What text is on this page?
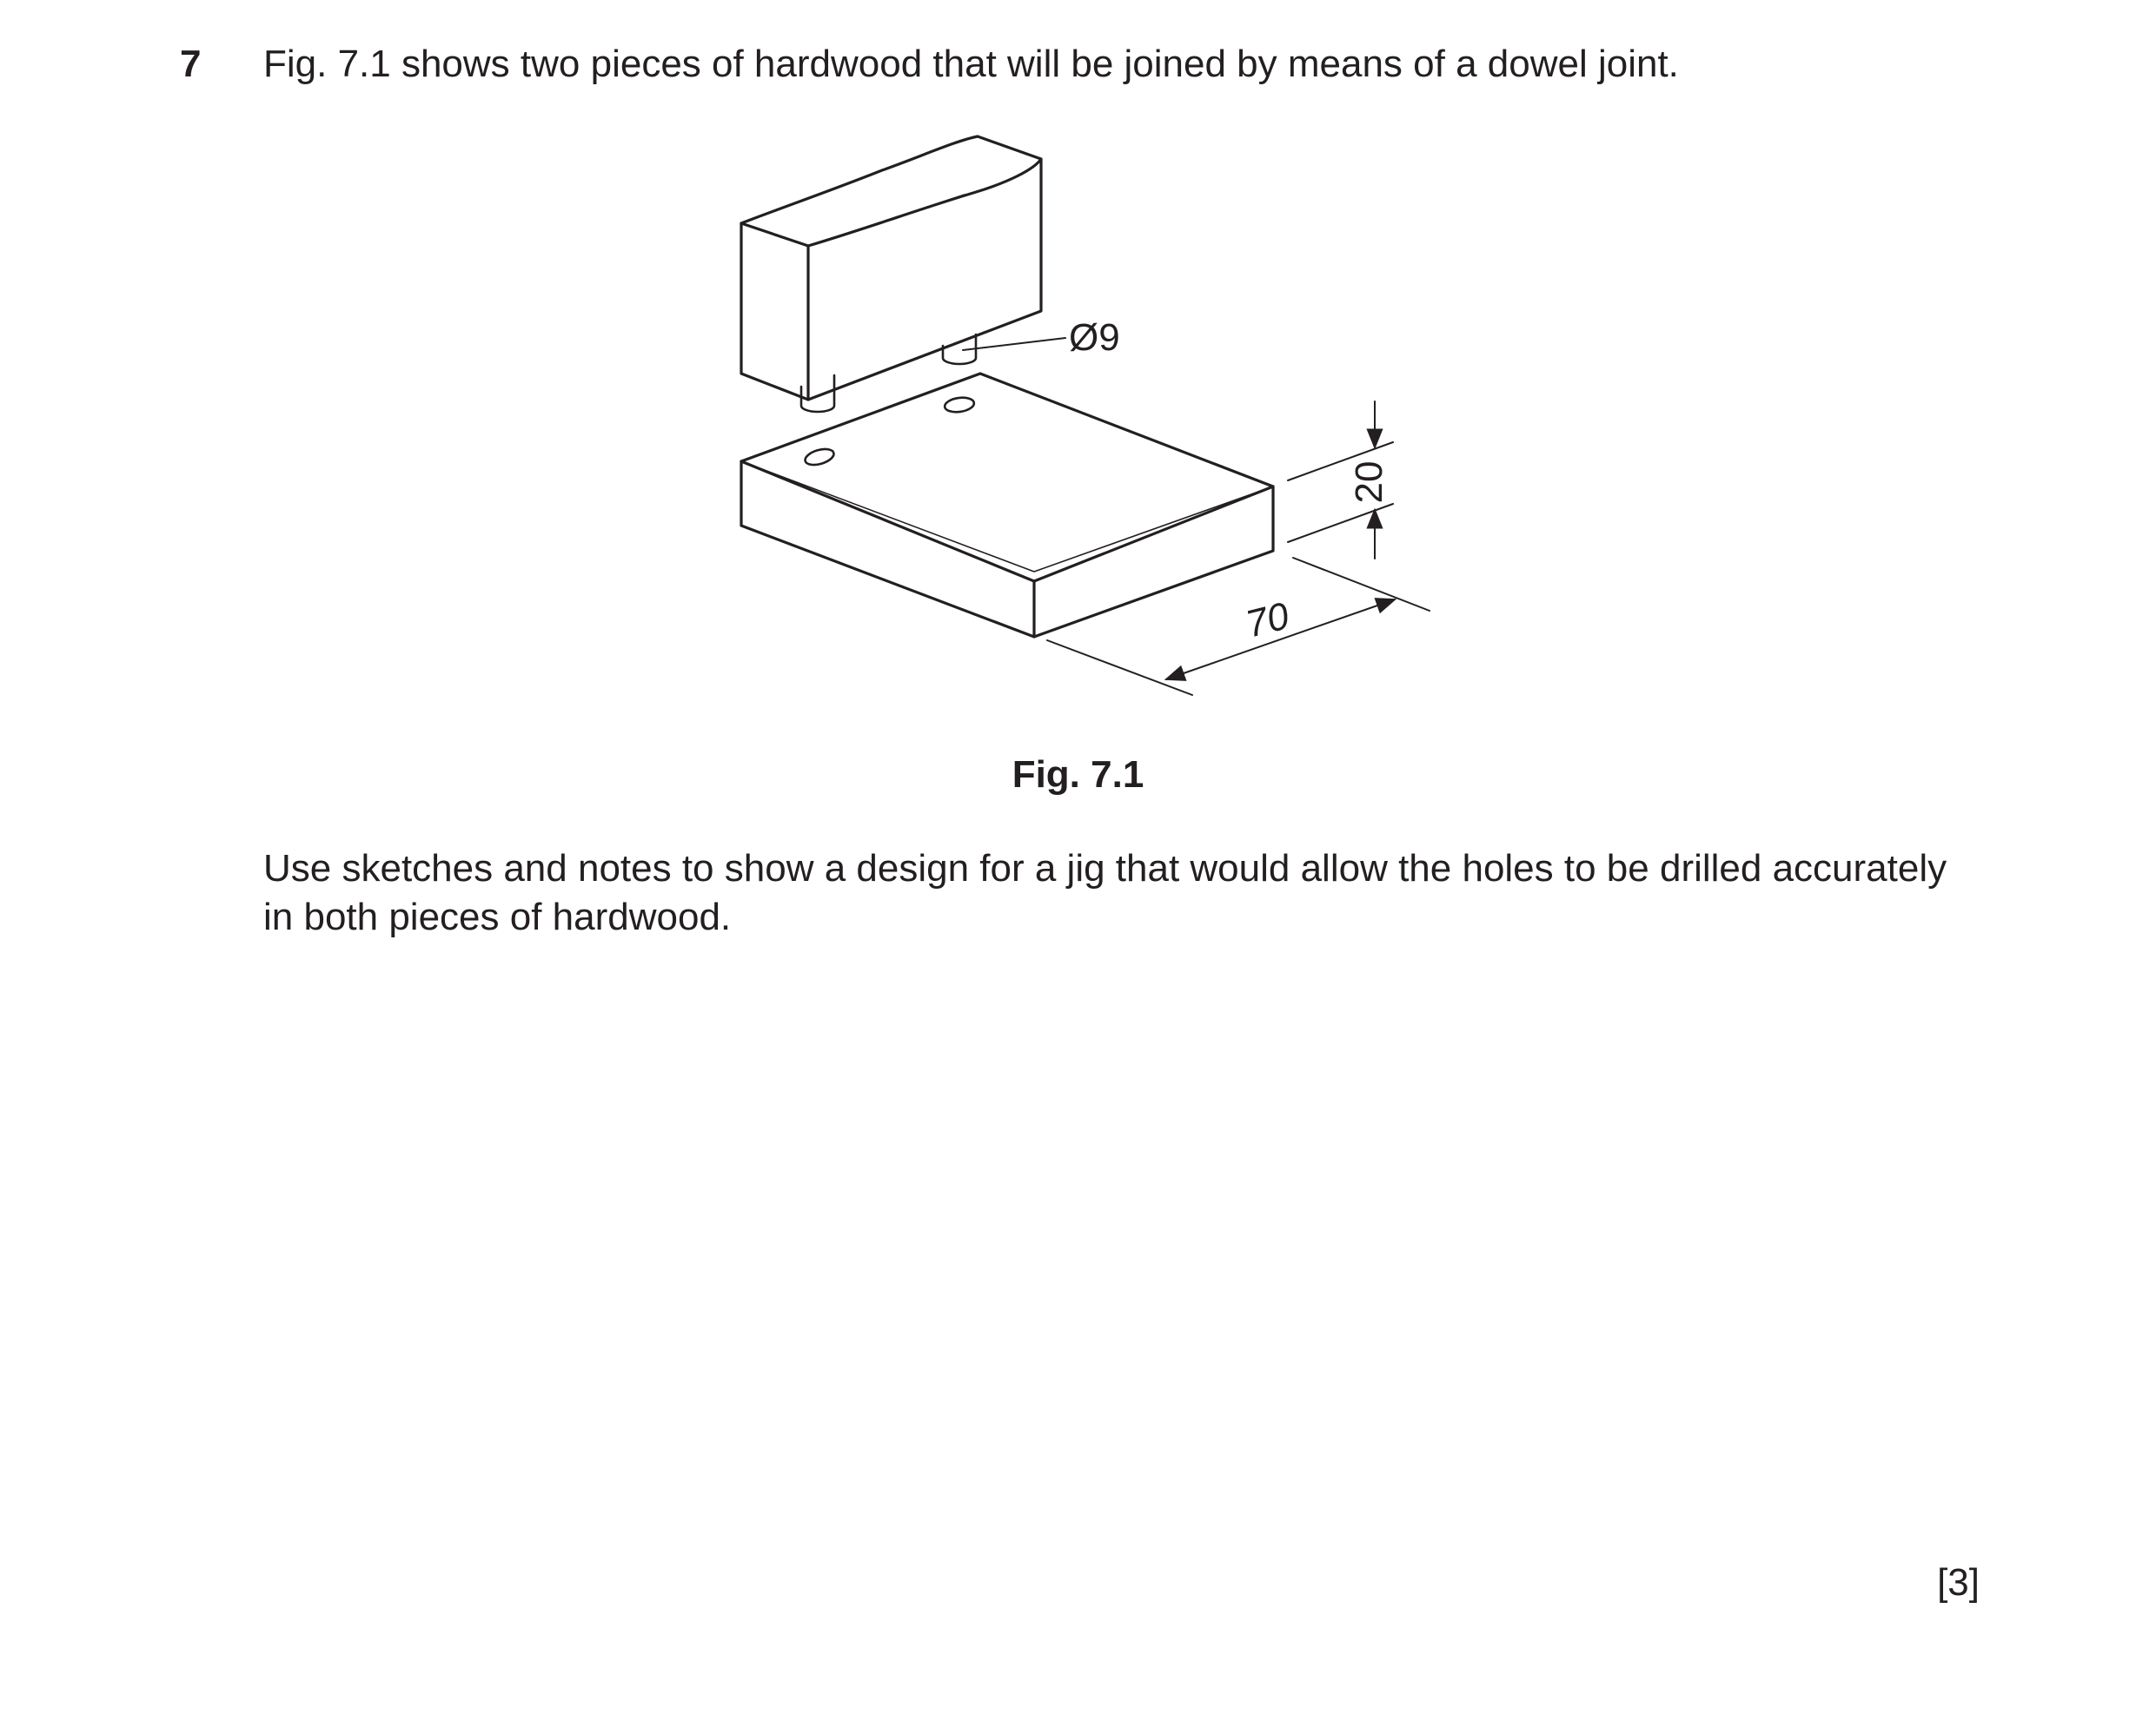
7 Fig. 7.1 shows two pieces of hardwood that will be joined by means of a dowel joint.
Ø9
20
70
Fig. 7.1

Use sketches and notes to show a design for a jig that would allow the holes to be drilled accurately

in both pieces of hardwood.

[3]
